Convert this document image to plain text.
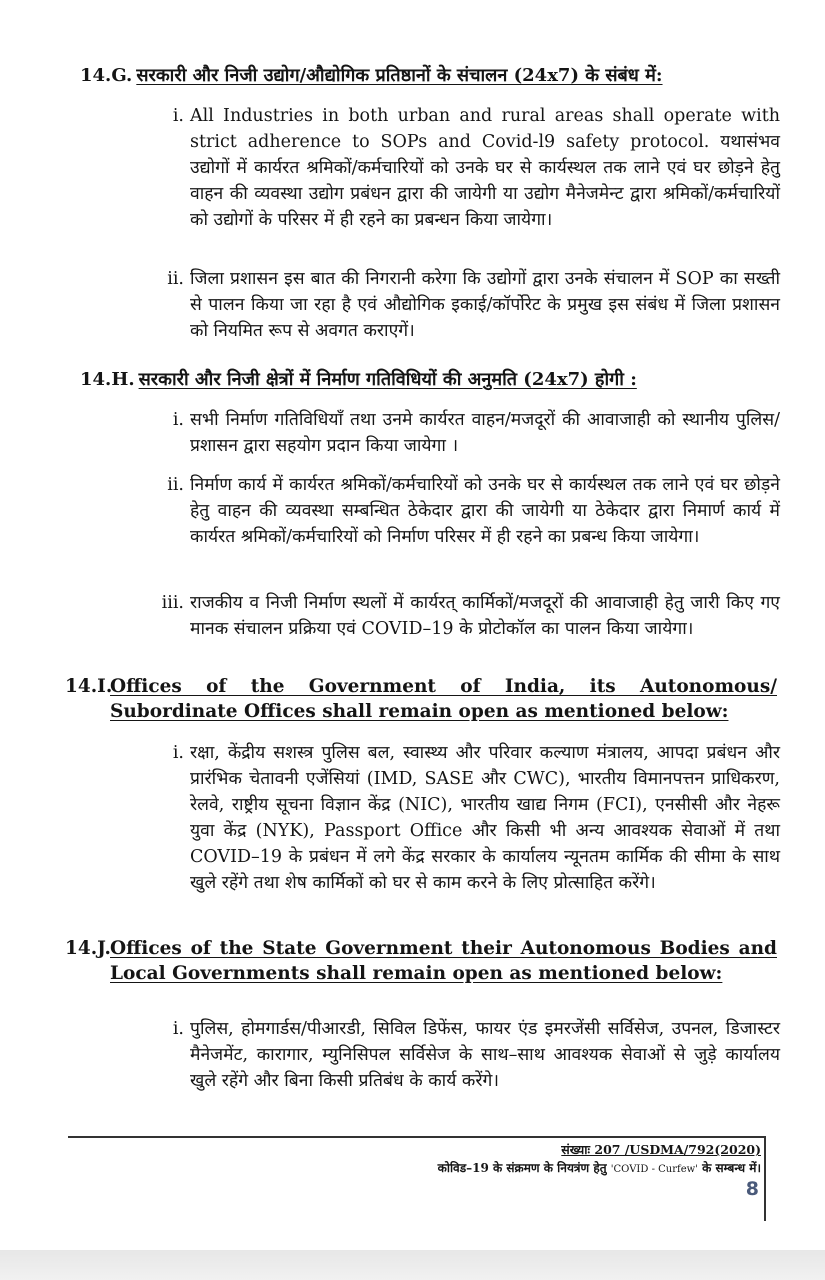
14.G. सरकारी और निजी उद्योग/औद्योगिक प्रतिष्ठानों के संचालन (24x7) के संबंध में:
i. All Industries in both urban and rural areas shall operate with strict adherence to SOPs and Covid-l9 safety protocol. यथासंभव उद्योगों में कार्यरत श्रमिकों/कर्मचारियों को उनके घर से कार्यस्थल तक लाने एवं घर छोड़ने हेतु वाहन की व्यवस्था उद्योग प्रबंधन द्वारा की जायेगी या उद्योग मैनेजमेन्ट द्वारा श्रमिकों/कर्मचारियों को उद्योगों के परिसर में ही रहने का प्रबन्धन किया जायेगा।
ii. जिला प्रशासन इस बात की निगरानी करेगा कि उद्योगों द्वारा उनके संचालन में SOP का सख्ती से पालन किया जा रहा है एवं औद्योगिक इकाई/कॉर्पोरेट के प्रमुख इस संबंध में जिला प्रशासन को नियमित रूप से अवगत कराएगें।
14.H. सरकारी और निजी क्षेत्रों में निर्माण गतिविधियों की अनुमति (24x7) होगी :
i. सभी निर्माण गतिविधियाँ तथा उनमे कार्यरत वाहन/मजदूरों की आवाजाही को स्थानीय पुलिस/प्रशासन द्वारा सहयोग प्रदान किया जायेगा ।
ii. निर्माण कार्य में कार्यरत श्रमिकों/कर्मचारियों को उनके घर से कार्यस्थल तक लाने एवं घर छोड़ने हेतु वाहन की व्यवस्था सम्बन्धित ठेकेदार द्वारा की जायेगी या ठेकेदार द्वारा निमार्ण कार्य में कार्यरत श्रमिकों/कर्मचारियों को निर्माण परिसर में ही रहने का प्रबन्ध किया जायेगा।
iii. राजकीय व निजी निर्माण स्थलों में कार्यरत् कार्मिकों/मजदूरों की आवाजाही हेतु जारी किए गए मानक संचालन प्रक्रिया एवं COVID–19 के प्रोटोकॉल का पालन किया जायेगा।
14.I.
Offices of the Government of India, its Autonomous/ Subordinate Offices shall remain open as mentioned below:
i. रक्षा, केंद्रीय सशस्त्र पुलिस बल, स्वास्थ्य और परिवार कल्याण मंत्रालय, आपदा प्रबंधन और प्रारंभिक चेतावनी एजेंसियां (IMD, SASE और CWC), भारतीय विमानपत्तन प्राधिकरण, रेलवे, राष्ट्रीय सूचना विज्ञान केंद्र (NIC), भारतीय खाद्य निगम (FCI), एनसीसी और नेहरू युवा केंद्र (NYK), Passport Office और किसी भी अन्य आवश्यक सेवाओं में तथा COVID–19 के प्रबंधन में लगे केंद्र सरकार के कार्यालय न्यूनतम कार्मिक की सीमा के साथ खुले रहेंगे तथा शेष कार्मिकों को घर से काम करने के लिए प्रोत्साहित करेंगे।
14.J. Offices of the State Government their Autonomous Bodies and Local Governments shall remain open as mentioned below:
i. पुलिस, होमगार्डस/पीआरडी, सिविल डिफेंस, फायर एंड इमरजेंसी सर्विसेज, उपनल, डिजास्टर मैनेजमेंट, कारागार, म्युनिसिपल सर्विसेज के साथ–साथ आवश्यक सेवाओं से जुड़े कार्यालय खुले रहेंगे और बिना किसी प्रतिबंध के कार्य करेंगे।
संख्याः 207 /USDMA/792(2020)
कोविड–19 के संक्रमण के नियत्रंण हेतु 'COVID - Curfew' के सम्बन्ध में।
8
